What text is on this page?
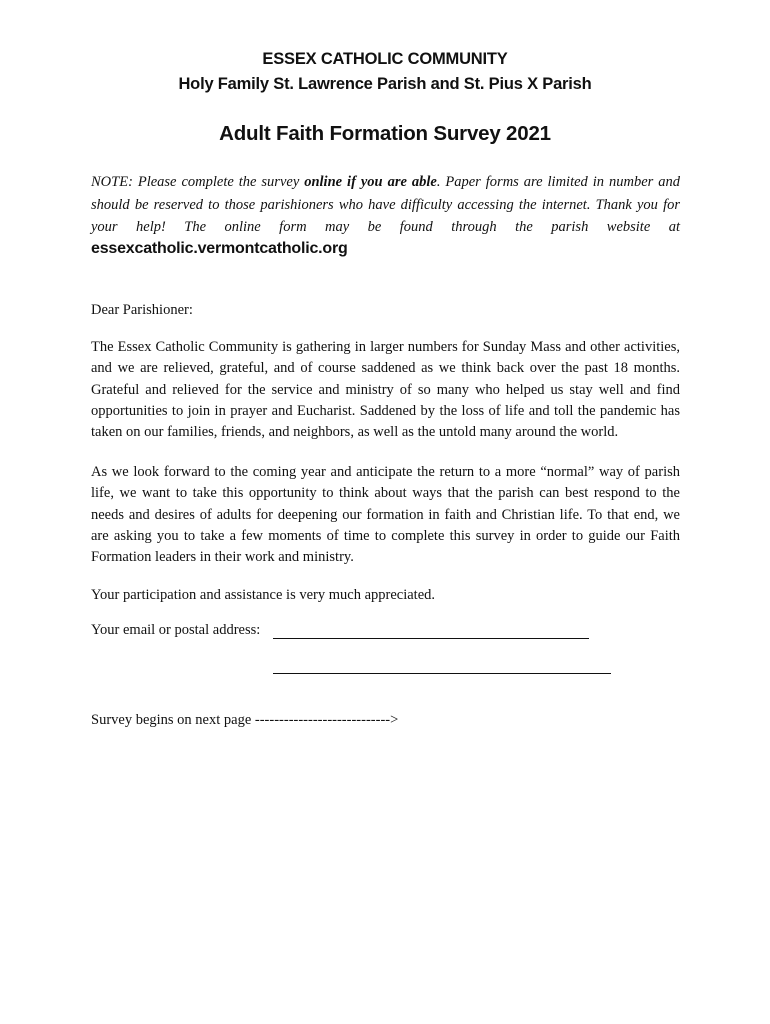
ESSEX CATHOLIC COMMUNITY
Holy Family St. Lawrence Parish and St. Pius X Parish
Adult Faith Formation Survey 2021
NOTE: Please complete the survey online if you are able. Paper forms are limited in number and should be reserved to those parishioners who have difficulty accessing the internet. Thank you for your help! The online form may be found through the parish website at
essexcatholic.vermontcatholic.org
Dear Parishioner:

The Essex Catholic Community is gathering in larger numbers for Sunday Mass and other activities, and we are relieved, grateful, and of course saddened as we think back over the past 18 months. Grateful and relieved for the service and ministry of so many who helped us stay well and find opportunities to join in prayer and Eucharist. Saddened by the loss of life and toll the pandemic has taken on our families, friends, and neighbors, as well as the untold many around the world.

As we look forward to the coming year and anticipate the return to a more “normal” way of parish life, we want to take this opportunity to think about ways that the parish can best respond to the needs and desires of adults for deepening our formation in faith and Christian life. To that end, we are asking you to take a few moments of time to complete this survey in order to guide our Faith Formation leaders in their work and ministry.

Your participation and assistance is very much appreciated.
Your email or postal address:
Survey begins on next page ---------------------------->
